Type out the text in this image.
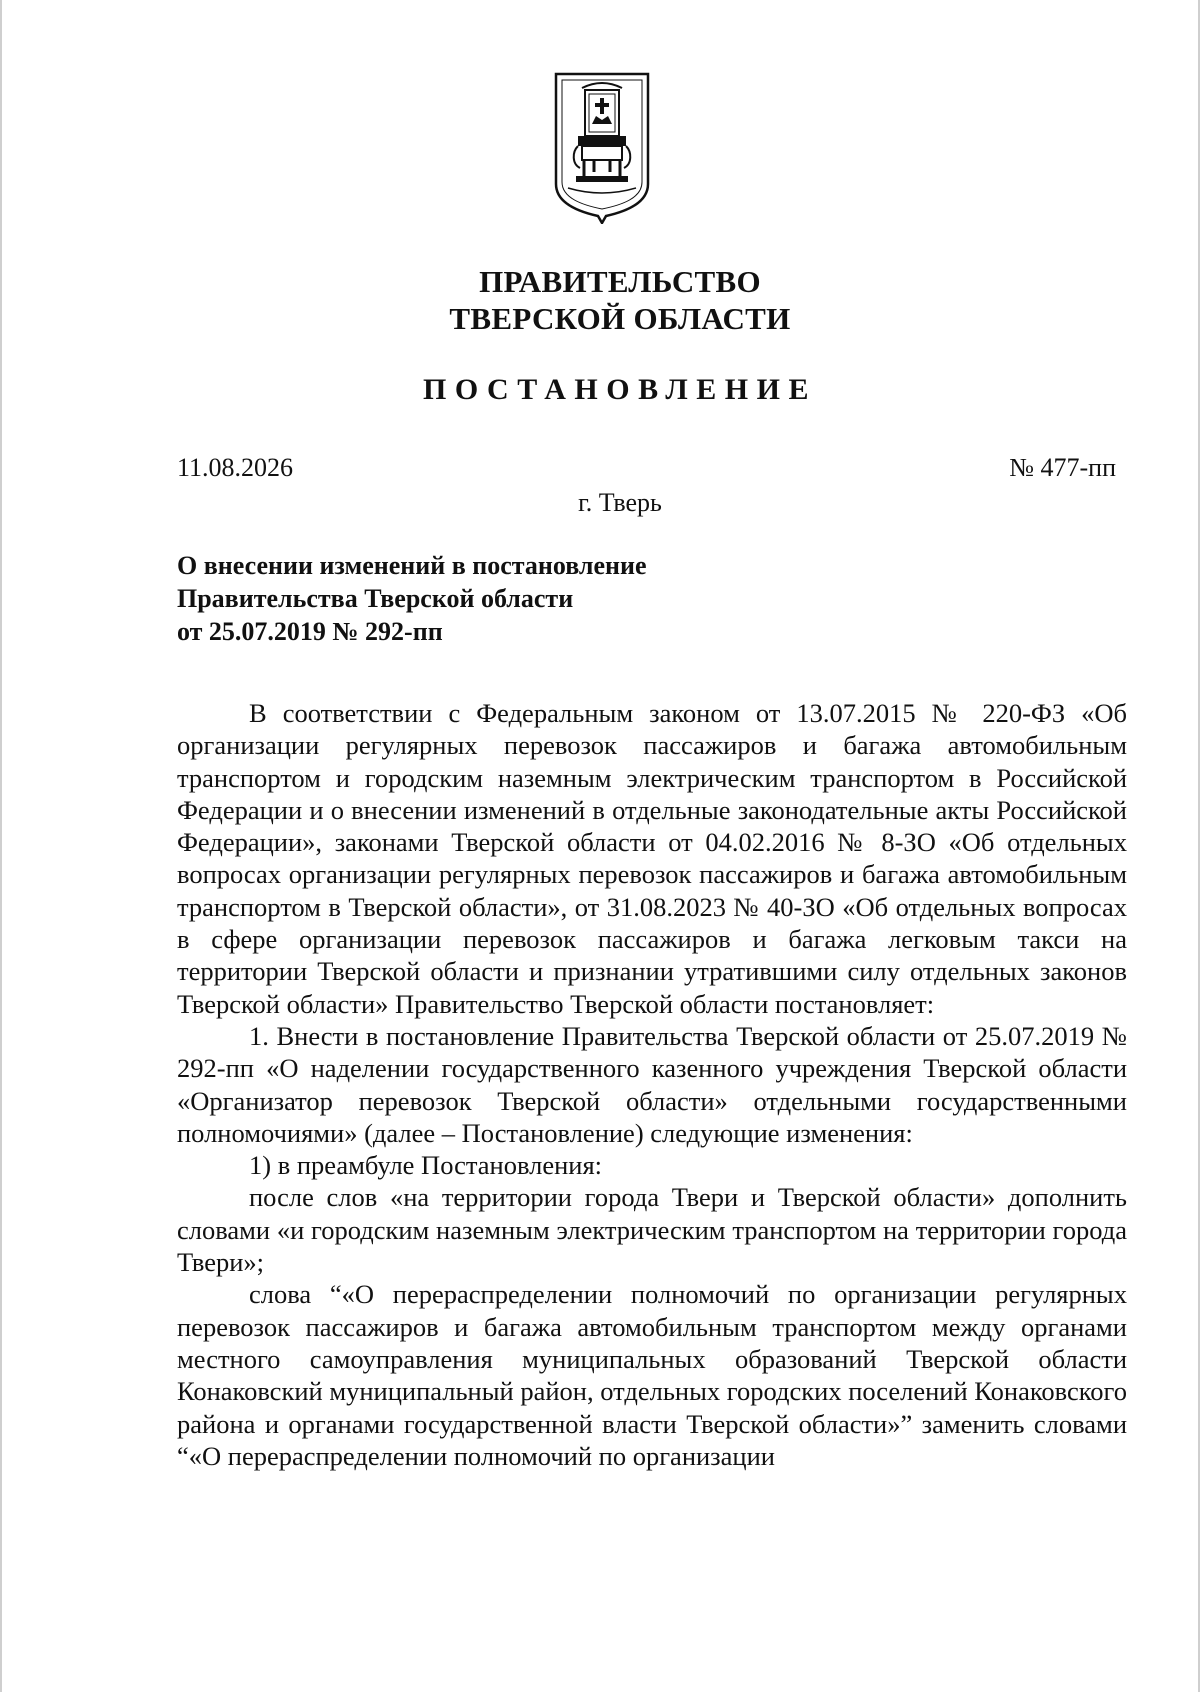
ПРАВИТЕЛЬСТВО
ТВЕРСКОЙ ОБЛАСТИ
ПОСТАНОВЛЕНИЕ
11.08.2026	№ 477-пп
г. Тверь
О внесении изменений в постановление
Правительства Тверской области
от 25.07.2019 № 292-пп

В соответствии с Федеральным законом от 13.07.2015 № 220-ФЗ «Об организации регулярных перевозок пассажиров и багажа автомобильным транспортом и городским наземным электрическим транспортом в Российской Федерации и о внесении изменений в отдельные законодательные акты Российской Федерации», законами Тверской области от 04.02.2016 № 8-ЗО «Об отдельных вопросах организации регулярных перевозок пассажиров и багажа автомобильным транспортом в Тверской области», от 31.08.2023 № 40-ЗО «Об отдельных вопросах в сфере организации перевозок пассажиров и багажа легковым такси на территории Тверской области и признании утратившими силу отдельных законов Тверской области» Правительство Тверской области постановляет:

1. Внести в постановление Правительства Тверской области от 25.07.2019 № 292-пп «О наделении государственного казенного учреждения Тверской области «Организатор перевозок Тверской области» отдельными государственными полномочиями» (далее – Постановление) следующие изменения:

1) в преамбуле Постановления:

после слов «на территории города Твери и Тверской области» дополнить словами «и городским наземным электрическим транспортом на территории города Твери»;

слова “«О перераспределении полномочий по организации регулярных перевозок пассажиров и багажа автомобильным транспортом между органами местного самоуправления муниципальных образований Тверской области Конаковский муниципальный район, отдельных городских поселений Конаковского района и органами государственной власти Тверской области»” заменить словами “«О перераспределении полномочий по организации
